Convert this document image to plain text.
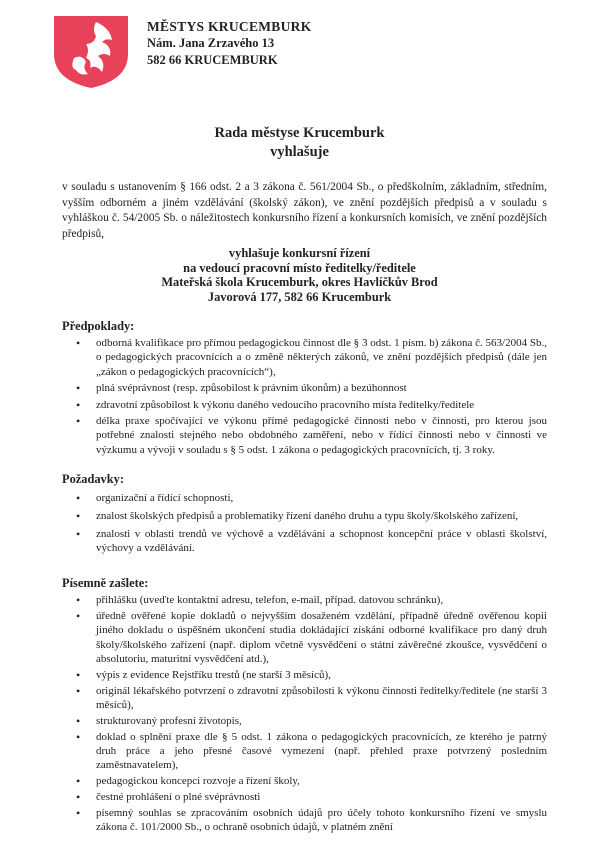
MĚSTYS KRUCEMBURK
Nám. Jana Zrzavého 13
582 66 KRUCEMBURK
Rada městyse Krucemburk
vyhlašuje
v souladu s ustanovením § 166 odst. 2 a 3 zákona č. 561/2004 Sb., o předškolním, základním, středním, vyšším odborném a jiném vzdělávání (školský zákon), ve znění pozdějších předpisů a v souladu s vyhláškou č. 54/2005 Sb. o náležitostech konkursního řízení a konkursních komisích, ve znění pozdějších předpisů,
vyhlašuje konkursní řízení
na vedoucí pracovní místo ředitelky/ředitele
Mateřská škola Krucemburk, okres Havlíčkův Brod
Javorová 177, 582 66 Krucemburk
Předpoklady:
• odborná kvalifikace pro přímou pedagogickou činnost dle § 3 odst. 1 písm. b) zákona č. 563/2004 Sb., o pedagogických pracovnících a o změně některých zákonů, ve znění pozdějších předpisů (dále jen „zákon o pedagogických pracovnících“),
• plná svéprávnost (resp. způsobilost k právním úkonům) a bezúhonnost
• zdravotní způsobilost k výkonu daného vedoucího pracovního místa ředitelky/ředitele
• délka praxe spočívající ve výkonu přímé pedagogické činnosti nebo v činnosti, pro kterou jsou potřebné znalosti stejného nebo obdobného zaměření, nebo v řídící činnosti nebo v činnosti ve výzkumu a vývoji v souladu s § 5 odst. 1 zákona o pedagogických pracovnících, tj. 3 roky.
Požadavky:
• organizační a řídící schopnosti,
• znalost školských předpisů a problematiky řízení daného druhu a typu školy/školského zařízení,
• znalosti v oblasti trendů ve výchově a vzdělávání a schopnost koncepční práce v oblasti školství, výchovy a vzdělávání.
Písemně zašlete:
• přihlášku (uveďte kontaktní adresu, telefon, e-mail, případ. datovou schránku),
• úředně ověřené kopie dokladů o nejvyšším dosaženém vzdělání, případně úředně ověřenou kopii jiného dokladu o úspěšném ukončení studia dokládající získání odborné kvalifikace pro daný druh školy/školského zařízení (např. diplom včetně vysvědčení o státní závěrečné zkoušce, vysvědčení o absolutoriu, maturitní vysvědčení atd.),
• výpis z evidence Rejstříku trestů (ne starší 3 měsíců),
• originál lékařského potvrzení o zdravotní způsobilosti k výkonu činnosti ředitelky/ředitele (ne starší 3 měsíců),
• strukturovaný profesní životopis,
• doklad o splnění praxe dle § 5 odst. 1 zákona o pedagogických pracovnících, ze kterého je patrný druh práce a jeho přesné časové vymezení (např. přehled praxe potvrzený posledním zaměstnavatelem),
• pedagogickou koncepci rozvoje a řízení školy,
• čestné prohlášení o plné svéprávnosti
• písemný souhlas se zpracováním osobních údajů pro účely tohoto konkursního řízení ve smyslu zákona č. 101/2000 Sb., o ochraně osobních údajů, v platném znění
